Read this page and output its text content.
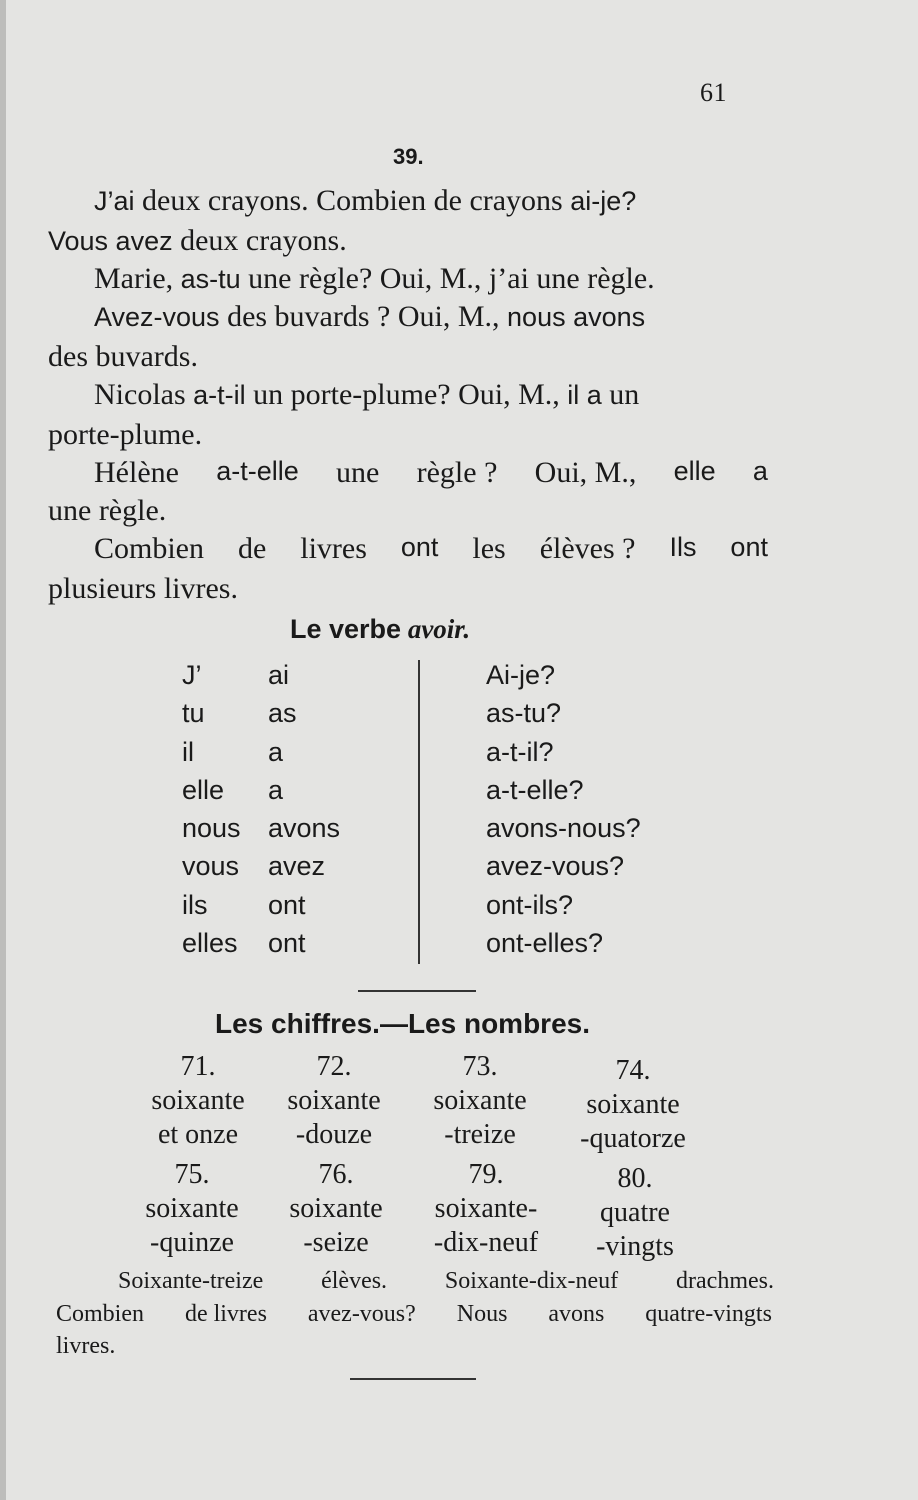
61
39.
J’ai deux crayons. Combien de crayons ai-je?
Vous avez deux crayons.
Marie, as-tu une règle? Oui, M., j’ai une règle.
Avez-vous des buvards ? Oui, M., nous avons
des buvards.
Nicolas a-t-il un porte-plume? Oui, M., il a un
porte-plume.
Hélène a-t-elle une règle ? Oui, M., elle a
une règle.
Combien de livres ont les élèves ? Ils ont
plusieurs livres.
Le verbe avoir.
J’
tu
il
elle
nous
vous
ils
elles
ai
as
a
a
avons
avez
ont
ont
Ai-je?
as-tu?
a-t-il?
a-t-elle?
avons-nous?
avez-vous?
ont-ils?
ont-elles?
Les chiffres.—Les nombres.
71.
soixante
et onze
72.
soixante
-douze
73.
soixante
-treize
74.
soixante
-quatorze
75.
soixante
-quinze
76.
soixante
-seize
79.
soixante-
-dix-neuf
80.
quatre
-vingts
Soixante-treize élèves. Soixante-dix-neuf drachmes.
Combien de livres avez-vous? Nous avons quatre-vingts
livres.
